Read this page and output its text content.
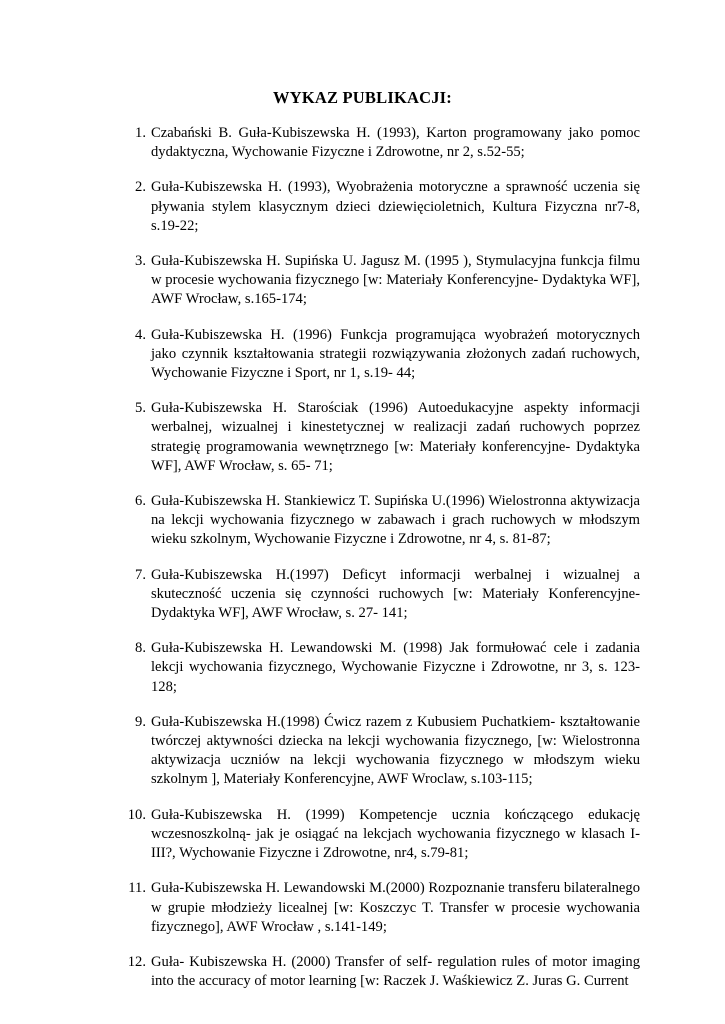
WYKAZ PUBLIKACJI:
1. Czabański B. Guła-Kubiszewska H. (1993), Karton programowany jako pomoc dydaktyczna, Wychowanie Fizyczne i Zdrowotne, nr 2, s.52-55;
2. Guła-Kubiszewska H. (1993), Wyobrażenia motoryczne a sprawność uczenia się pływania stylem klasycznym dzieci dziewięcioletnich, Kultura Fizyczna nr7-8, s.19-22;
3. Guła-Kubiszewska H. Supińska U. Jagusz M. (1995 ), Stymulacyjna funkcja filmu w procesie wychowania fizycznego [w: Materiały Konferencyjne- Dydaktyka WF], AWF Wrocław, s.165-174;
4. Guła-Kubiszewska H. (1996) Funkcja programująca wyobrażeń motorycznych jako czynnik kształtowania strategii rozwiązywania złożonych zadań ruchowych, Wychowanie Fizyczne i Sport, nr 1, s.19- 44;
5. Guła-Kubiszewska H. Starościak (1996) Autoedukacyjne aspekty informacji werbalnej, wizualnej i kinestetycznej w realizacji zadań ruchowych poprzez strategię programowania wewnętrznego [w: Materiały konferencyjne- Dydaktyka WF], AWF Wrocław, s. 65- 71;
6. Guła-Kubiszewska H. Stankiewicz T. Supińska U.(1996) Wielostronna aktywizacja na lekcji wychowania fizycznego w zabawach i grach ruchowych w młodszym wieku szkolnym, Wychowanie Fizyczne i Zdrowotne, nr 4, s. 81-87;
7. Guła-Kubiszewska H.(1997) Deficyt informacji werbalnej i wizualnej a skuteczność uczenia się czynności ruchowych [w: Materiały Konferencyjne- Dydaktyka WF], AWF Wrocław, s. 27- 141;
8. Guła-Kubiszewska H. Lewandowski M. (1998) Jak formułować cele i zadania lekcji wychowania fizycznego, Wychowanie Fizyczne i Zdrowotne, nr 3, s. 123- 128;
9. Guła-Kubiszewska H.(1998) Ćwicz razem z Kubusiem Puchatkiem- kształtowanie twórczej aktywności dziecka na lekcji wychowania fizycznego, [w: Wielostronna aktywizacja uczniów na lekcji wychowania fizycznego w młodszym wieku szkolnym ], Materiały Konferencyjne, AWF Wroclaw, s.103-115;
10. Guła-Kubiszewska H. (1999) Kompetencje ucznia kończącego edukację wczesnoszkolną- jak je osiągać na lekcjach wychowania fizycznego w klasach I-III?, Wychowanie Fizyczne i Zdrowotne, nr4, s.79-81;
11. Guła-Kubiszewska H. Lewandowski M.(2000) Rozpoznanie transferu bilateralnego w grupie młodzieży licealnej [w: Koszczyc T. Transfer w procesie wychowania fizycznego], AWF Wrocław , s.141-149;
12. Guła- Kubiszewska H. (2000) Transfer of self- regulation rules of motor imaging into the accuracy of motor learning [w: Raczek J. Waśkiewicz Z. Juras G. Current
